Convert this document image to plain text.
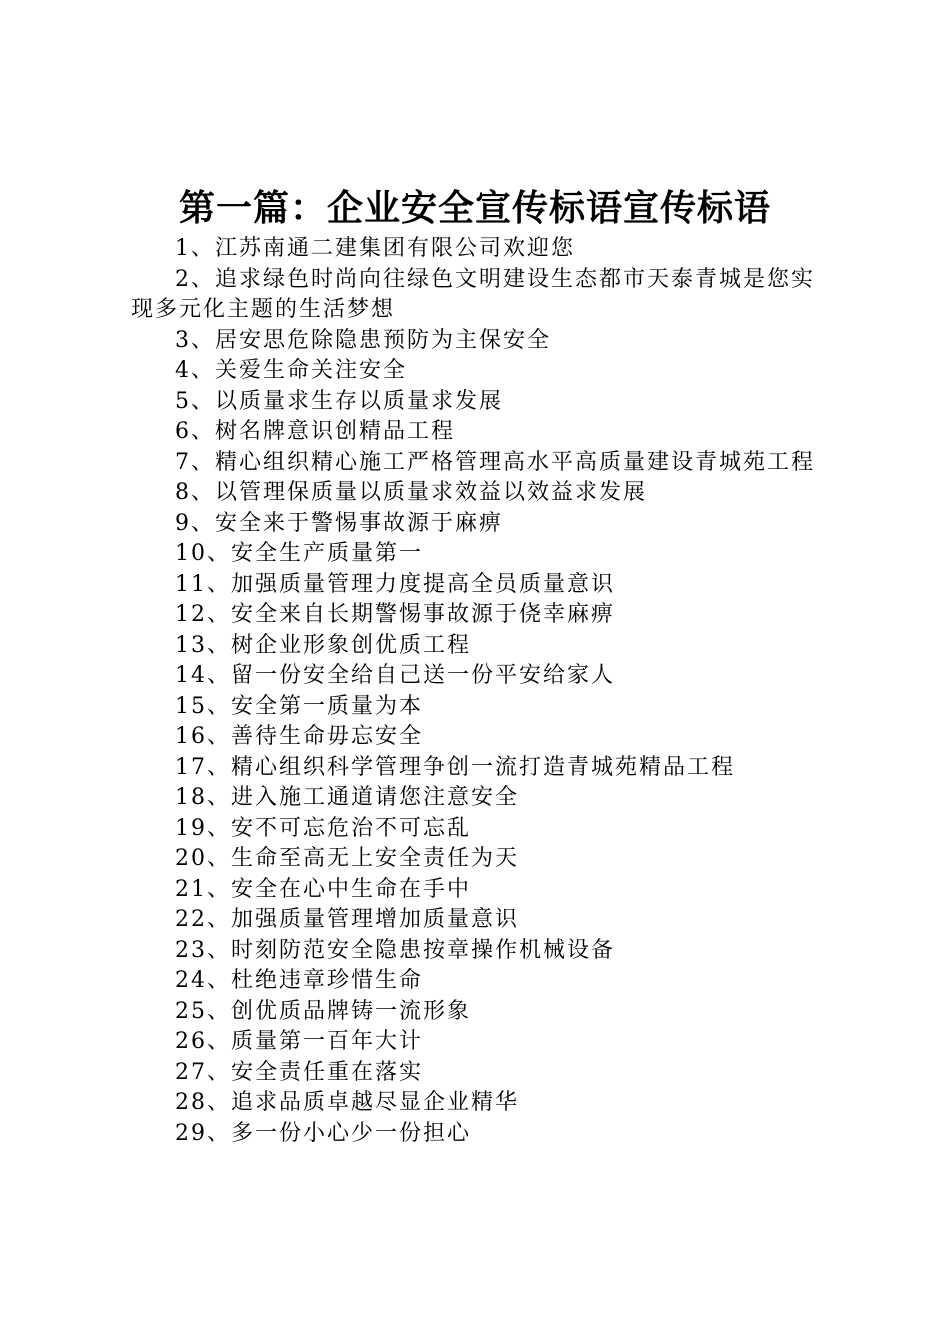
第一篇：企业安全宣传标语宣传标语
1、江苏南通二建集团有限公司欢迎您
2、追求绿色时尚向往绿色文明建设生态都市天泰青城是您实现多元化主题的生活梦想
3、居安思危除隐患预防为主保安全
4、关爱生命关注安全
5、以质量求生存以质量求发展
6、树名牌意识创精品工程
7、精心组织精心施工严格管理高水平高质量建设青城苑工程
8、以管理保质量以质量求效益以效益求发展
9、安全来于警惕事故源于麻痹
10、安全生产质量第一
11、加强质量管理力度提高全员质量意识
12、安全来自长期警惕事故源于侥幸麻痹
13、树企业形象创优质工程
14、留一份安全给自己送一份平安给家人
15、安全第一质量为本
16、善待生命毋忘安全
17、精心组织科学管理争创一流打造青城苑精品工程
18、进入施工通道请您注意安全
19、安不可忘危治不可忘乱
20、生命至高无上安全责任为天
21、安全在心中生命在手中
22、加强质量管理增加质量意识
23、时刻防范安全隐患按章操作机械设备
24、杜绝违章珍惜生命
25、创优质品牌铸一流形象
26、质量第一百年大计
27、安全责任重在落实
28、追求品质卓越尽显企业精华
29、多一份小心少一份担心
